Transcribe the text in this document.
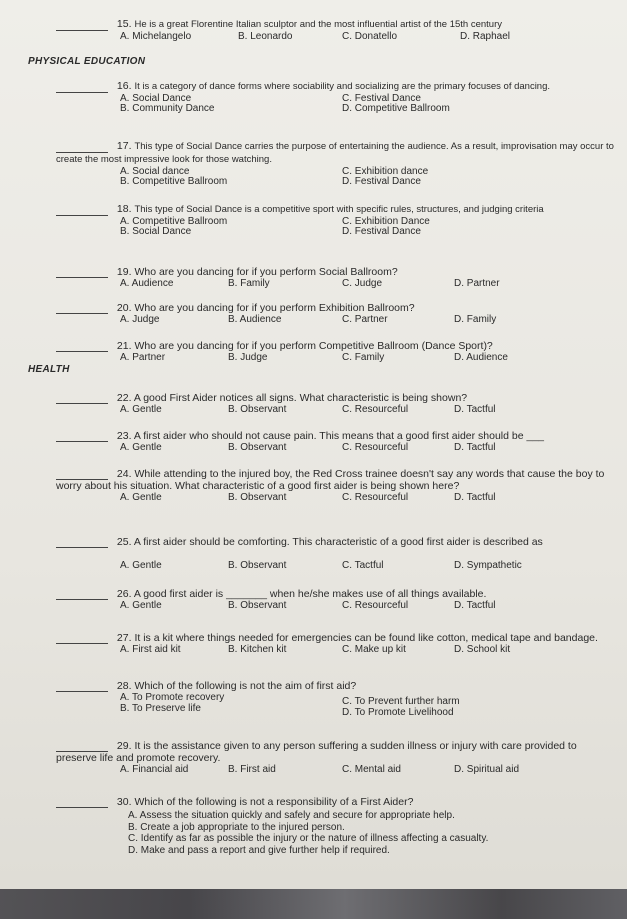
15. He is a great Florentine Italian sculptor and the most influential artist of the 15th century
A. Michelangelo	B. Leonardo	C. Donatello	D. Raphael
PHYSICAL EDUCATION
16. It is a category of dance forms where sociability and socializing are the primary focuses of dancing.
A. Social Dance
B. Community Dance
C. Festival Dance
D. Competitive Ballroom
17. This type of Social Dance carries the purpose of entertaining the audience. As a result, improvisation may occur to create the most impressive look for those watching.
A. Social dance
B. Competitive Ballroom
C. Exhibition dance
D. Festival Dance
18. This type of Social Dance is a competitive sport with specific rules, structures, and judging criteria
A. Competitive Ballroom
B. Social Dance
C. Exhibition Dance
D. Festival Dance
19. Who are you dancing for if you perform Social Ballroom?
A. Audience	B. Family	C. Judge	D. Partner
20. Who are you dancing for if you perform Exhibition Ballroom?
A. Judge	B. Audience	C. Partner	D. Family
21. Who are you dancing for if you perform Competitive Ballroom (Dance Sport)?
A. Partner	B. Judge	C. Family	D. Audience
HEALTH
22. A good First Aider notices all signs. What characteristic is being shown?
A. Gentle	B. Observant	C. Resourceful	D. Tactful
23. A first aider who should not cause pain. This means that a good first aider should be ___
A. Gentle	B. Observant	C. Resourceful	D. Tactful
24. While attending to the injured boy, the Red Cross trainee doesn't say any words that cause the boy to worry about his situation. What characteristic of a good first aider is being shown here?
A. Gentle	B. Observant	C. Resourceful	D. Tactful
25. A first aider should be comforting. This characteristic of a good first aider is described as
A. Gentle	B. Observant	C. Tactful	D. Sympathetic
26. A good first aider is _______ when he/she makes use of all things available.
A. Gentle	B. Observant	C. Resourceful	D. Tactful
27. It is a kit where things needed for emergencies can be found like cotton, medical tape and bandage.
A. First aid kit	B. Kitchen kit	C. Make up kit	D. School kit
28. Which of the following is not the aim of first aid?
A. To Promote recovery
B. To Preserve life
C. To Prevent further harm
D. To Promote Livelihood
29. It is the assistance given to any person suffering a sudden illness or injury with care provided to preserve life and promote recovery.
A. Financial aid	B. First aid	C. Mental aid	D. Spiritual aid
30. Which of the following is not a responsibility of a First Aider?
A. Assess the situation quickly and safely and secure for appropriate help.
B. Create a job appropriate to the injured person.
C. Identify as far as possible the injury or the nature of illness affecting a casualty.
D. Make and pass a report and give further help if required.
